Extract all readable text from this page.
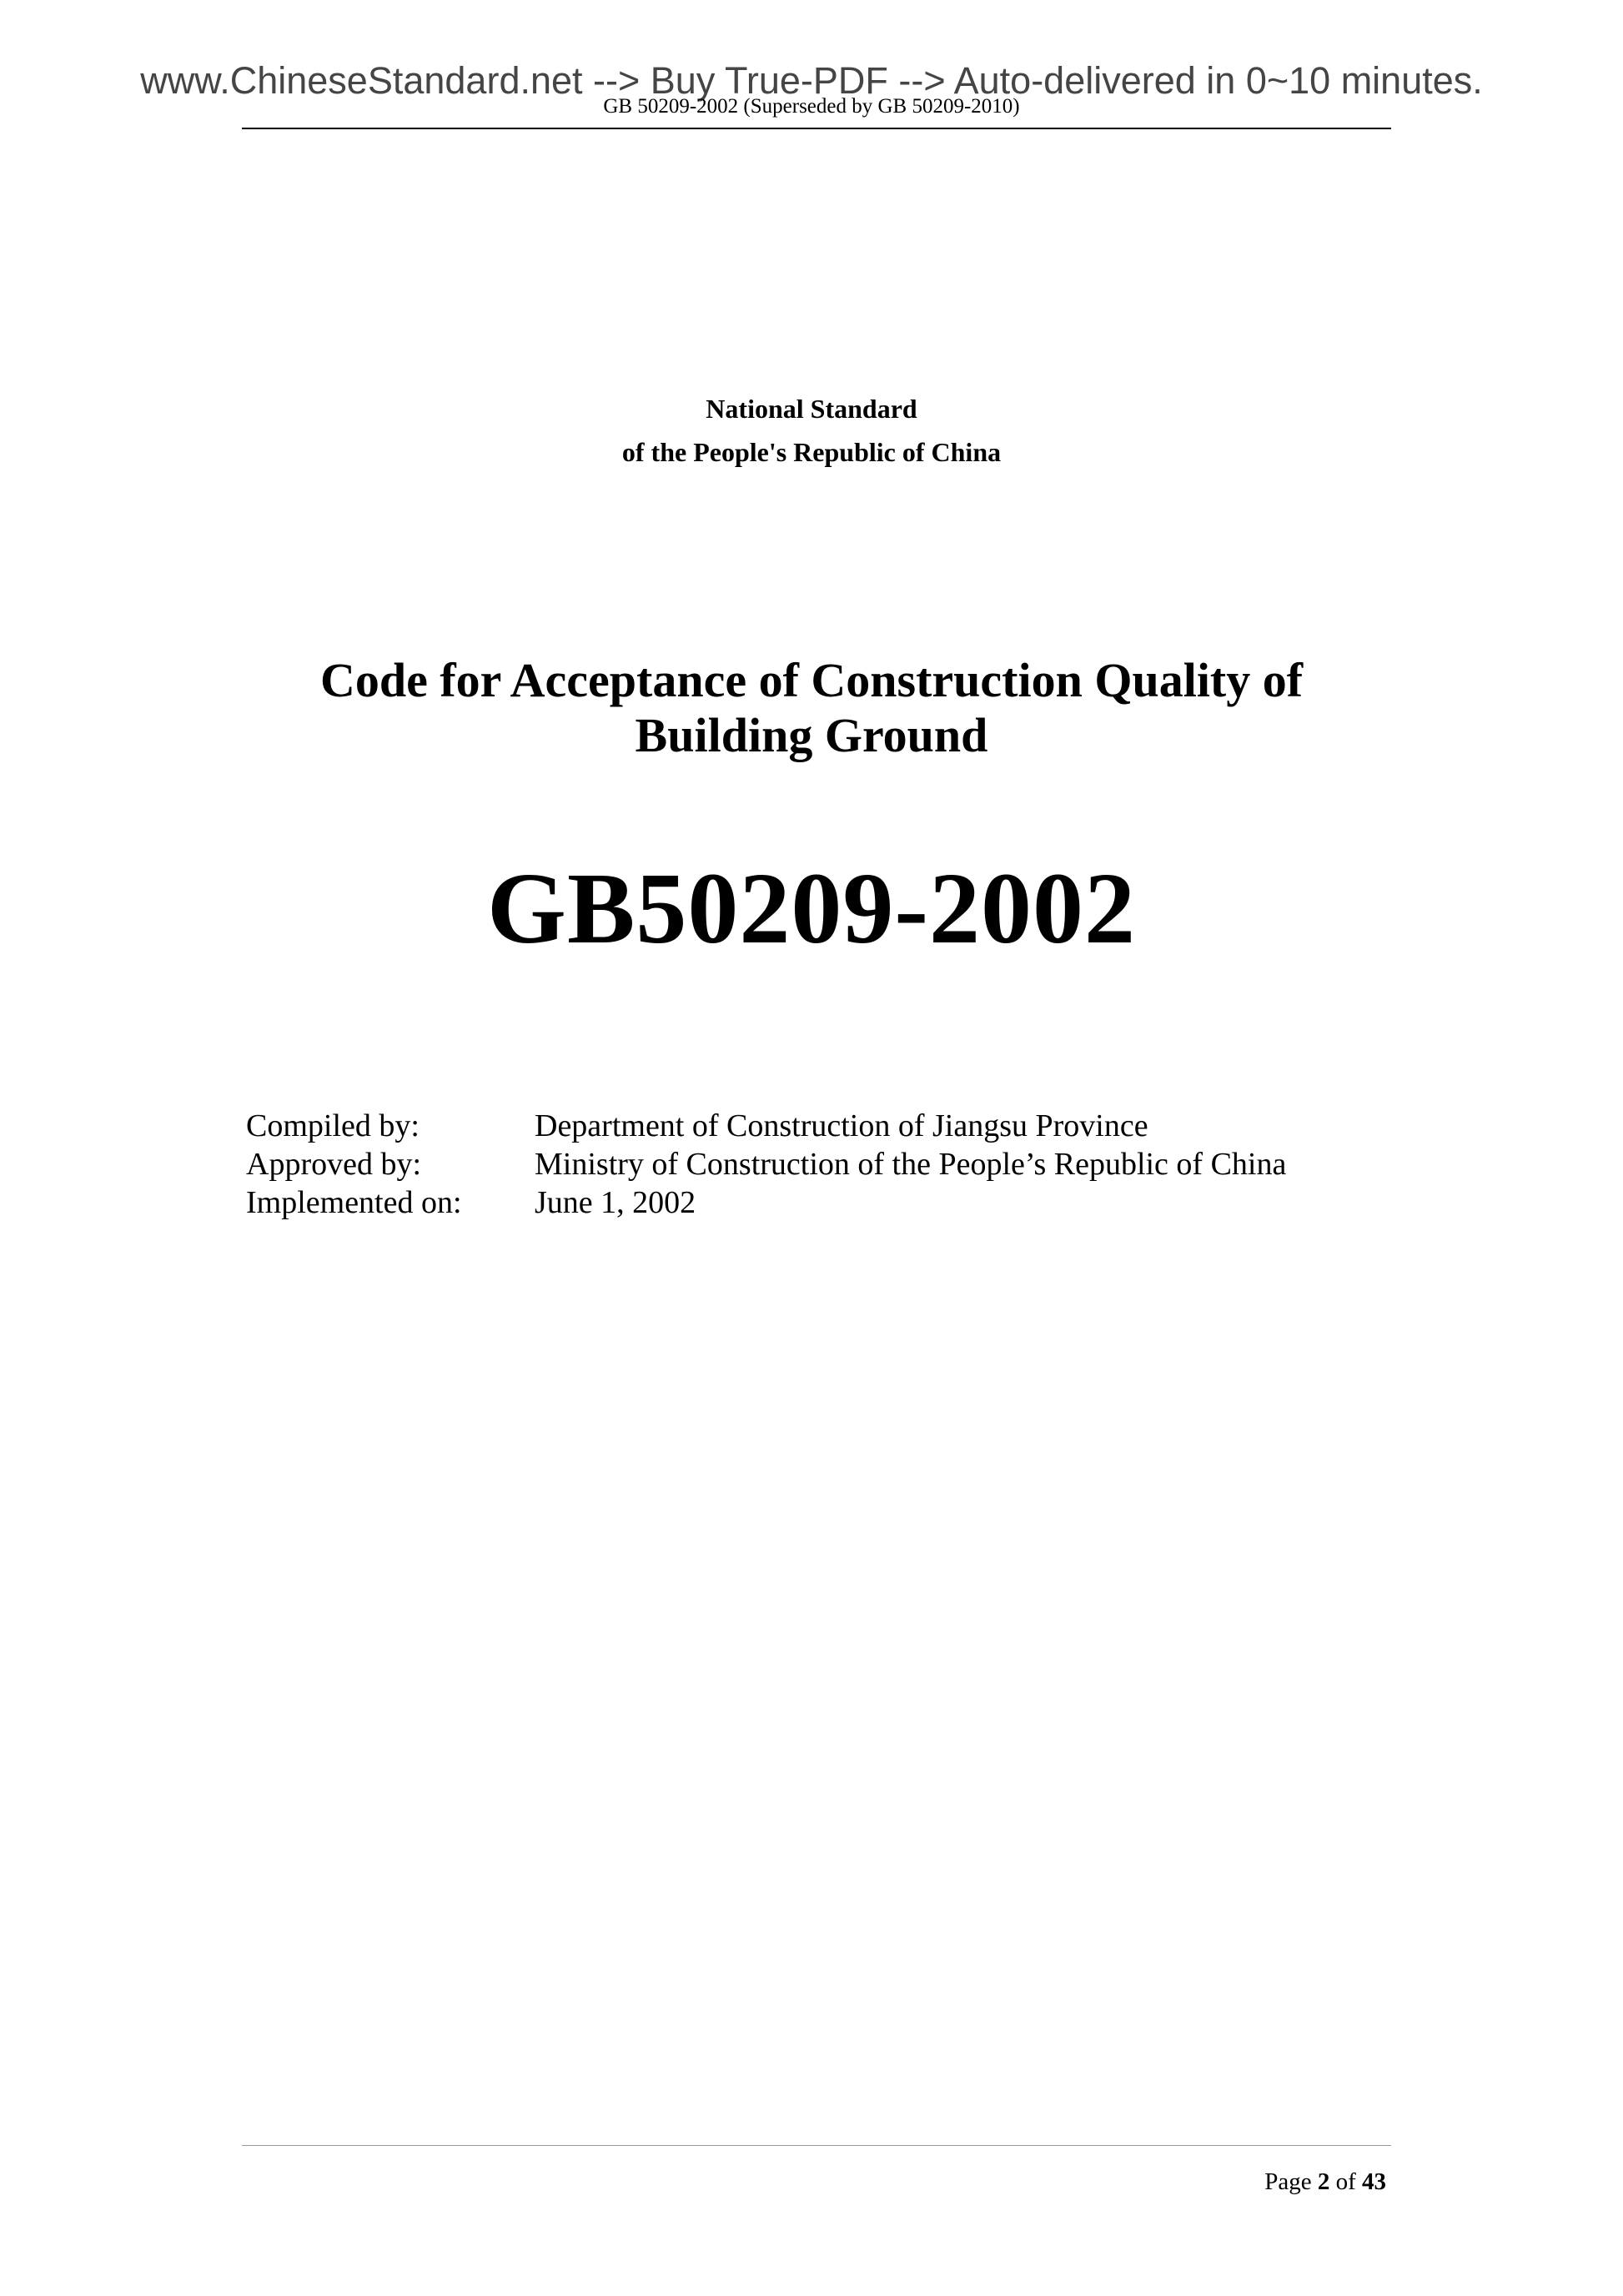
www.ChineseStandard.net --> Buy True-PDF --> Auto-delivered in 0~10 minutes.
GB 50209-2002 (Superseded by GB 50209-2010)
National Standard
of the People's Republic of China
Code for Acceptance of Construction Quality of
Building Ground
GB50209-2002
Compiled by:	Department of Construction of Jiangsu Province
Approved by:	Ministry of Construction of the People’s Republic of China
Implemented on:	June 1, 2002
Page 2 of 43
